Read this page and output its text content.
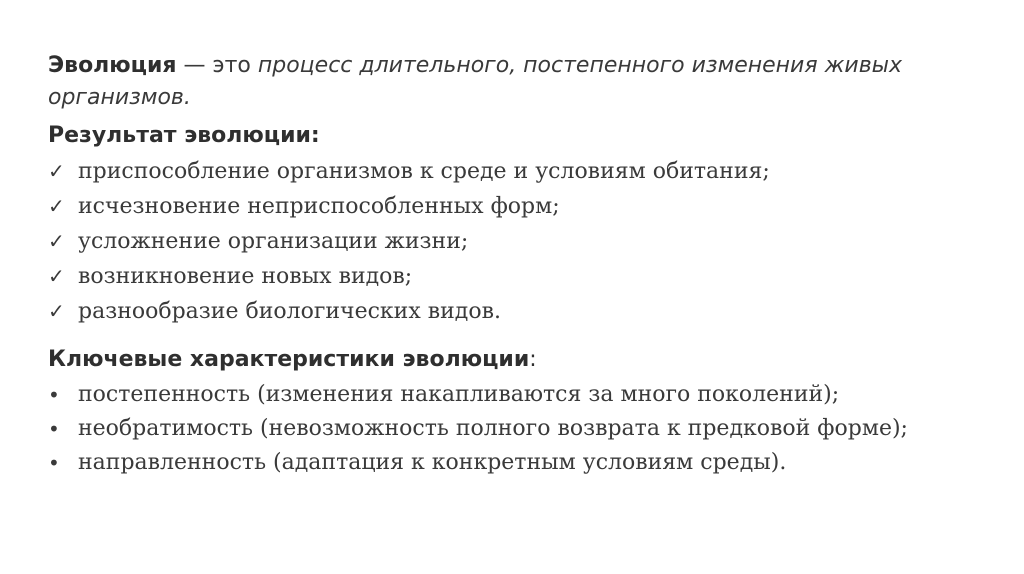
Эволюция — это процесс длительного, постепенного изменения живых организмов.
Результат эволюции:
✓ приспособление организмов к среде и условиям обитания;
✓ исчезновение неприспособленных форм;
✓ усложнение организации жизни;
✓ возникновение новых видов;
✓ разнообразие биологических видов.
Ключевые характеристики эволюции:
• постепенность (изменения накапливаются за много поколений);
• необратимость (невозможность полного возврата к предковой форме);
• направленность (адаптация к конкретным условиям среды).
